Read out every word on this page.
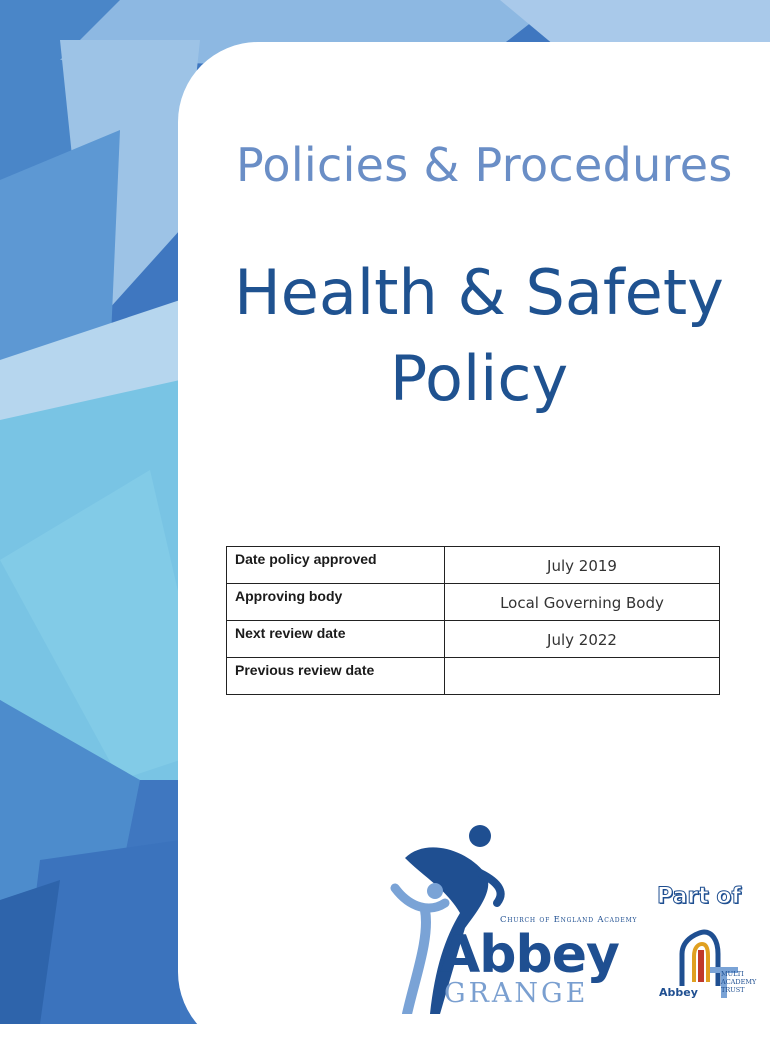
Policies & Procedures
Health & Safety
Policy
Date policy approved	July 2019
Approving body	Local Governing Body
Next review date	July 2022
Previous review date	
Church of England Academy
Abbey
GRANGE
Part of
Abbey
MULTI ACADEMY TRUST
